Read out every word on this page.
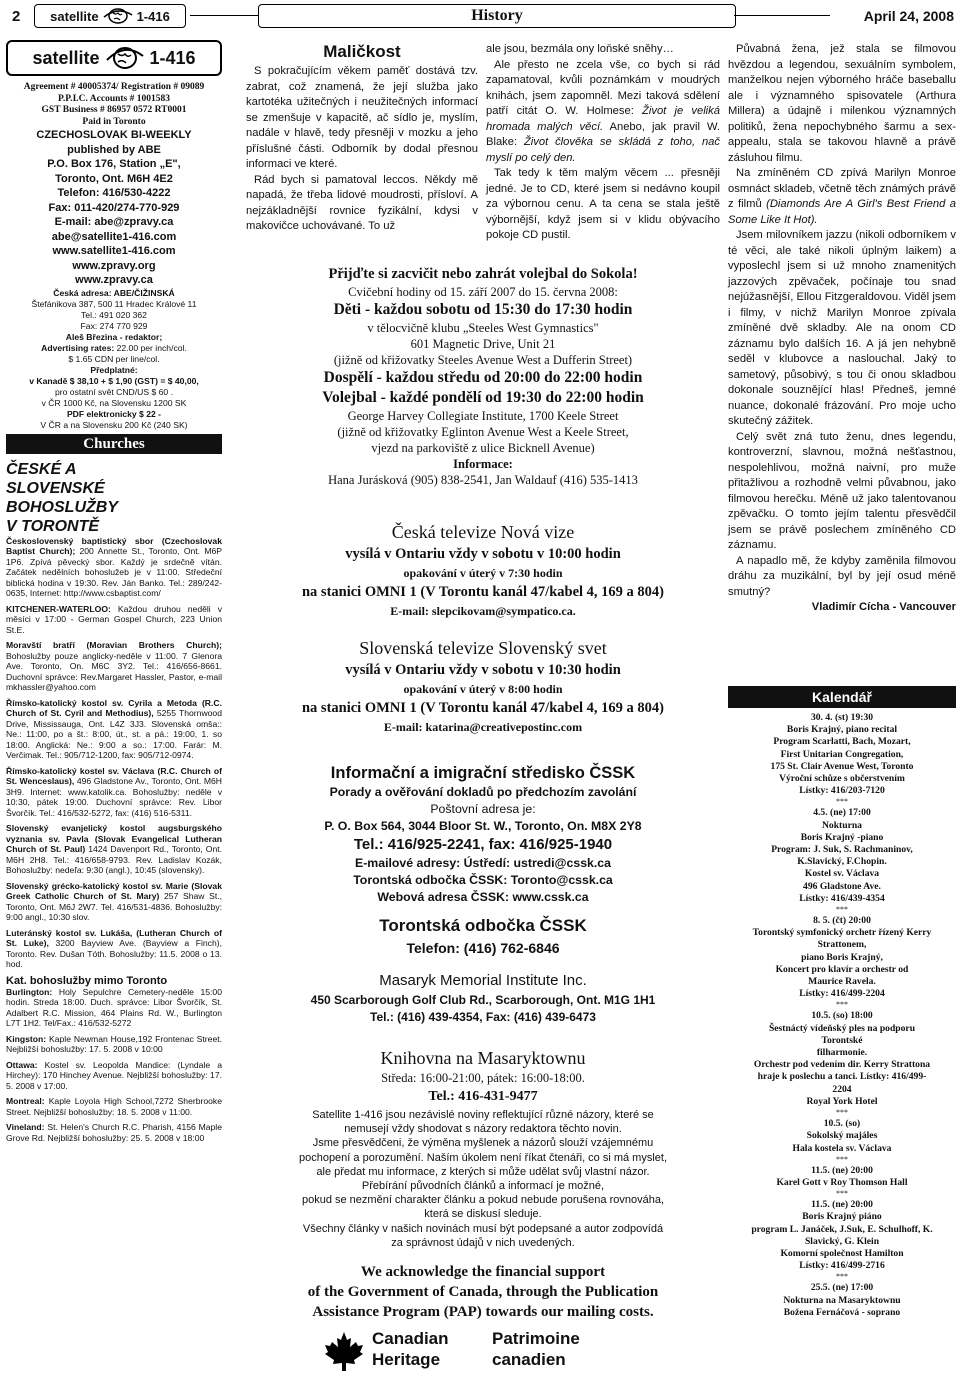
2 satellite	1-416	History	April 24, 2008
satellite	1-416
Agreement # 40005374/ Registration # 09089
P.P.I.C. Accounts # 1001583
GST Business # 86957 0572 RT0001
Paid in Toronto
CZECHOSLOVAK BI-WEEKLY
published by ABE
P.O. Box 176, Station „E",
Toronto, Ont. M6H 4E2
Telefon: 416/530-4222
Fax: 011-420/274-770-929
E-mail: abe@zpravy.ca
abe@satellite1-416.com
www.satellite1-416.com
www.zpravy.org
www.zpravy.ca
Česká adresa: ABE/ČIŽINSKÁ
Štefánikova 387, 500 11 Hradec Králové 11
Tel.: 491 020 362
Fax: 274 770 929
Aleš Březina - redaktor;
Advertising rates: 22.00 per inch/col.
$ 1.65 CDN per line/col.
Předplatné:
v Kanadě $ 38,10 + $ 1,90 (GST) = $ 40,00,
pro ostatní svět CND/US $ 60 .
v ČR 1000 Kč, na Slovensku 1200 SK
PDF elektronicky $ 22 -
V ČR a na Slovensku 200 Kč (240 SK)
Churches
ČESKÉ A
SLOVENSKÉ
BOHOSLUŽBY
V TORONTĚ

Československý baptistický sbor (Czechoslovak Baptist Church); 200 Annette St., Toronto, Ont. M6P 1P6. Zpívá pěvecký sbor. Každý je srdečně vítán. Začátek nedělních bohoslužeb je v 11:00. Středeční biblická hodina v 19:30. Rev. Ján Banko. Tel.: 289/242-0635, Internet: http://www.csbaptist.com/

KITCHENER-WATERLOO: Každou druhou neděli v měsíci v 17:00 - German Gospel Church, 223 Union St.E.

Moravští bratří (Moravian Brothers Church); Bohoslužby pouze anglicky-neděle v 11:00. 7 Glenora Ave. Toronto, On. M6C 3Y2. Tel.: 416/656-8661. Duchovní správce: Rev.Margaret Hassler, Pastor, e-mail mkhassler@yahoo.com

Římsko-katolický kostol sv. Cyrila a Metoda (R.C. Church of St. Cyril and Methodius), 5255 Thornwood Drive, Mississauga, Ont. L4Z 3J3. Slovenská omša:: Ne.: 11:00, po a št.: 8:00, út., st. a pá.: 19:00, 1. so 18:00. Anglická: Ne.: 9:00 a so.: 17:00. Farár: M. Verčimak. Tel.: 905/712-1200, fax: 905/712-0974.

Římsko-katolický kostel sv. Václava (R.C. Church of St. Wenceslaus), 496 Gladstone Av., Toronto, Ont. M6H 3H9. Internet: www.katolik.ca. Bohoslužby: neděle v 10:30, pátek 19:00. Duchovní správce: Rev. Libor Švorčík. Tel.: 416/532-5272, fax: (416) 516-5311.

Slovenský evanjelický kostol augsburgského vyznania sv. Pavla (Slovak Evangelical Lutheran Church of St. Paul) 1424 Davenport Rd., Toronto, Ont. M6H 2H8. Tel.: 416/658-9793. Rev. Ladislav Kozák, Bohoslužby: nedeľa: 9:30 (angl.), 10:45 (slovensky).

Slovenský grécko-katolický kostol sv. Marie (Slovak Greek Catholic Church of St. Mary) 257 Shaw St., Toronto, Ont. M6J 2W7. Tel. 416/531-4836. Bohoslužby: 9:00 angl., 10:30 slov.

Luteránský kostol sv. Lukáša, (Lutheran Church of St. Luke), 3200 Bayview Ave. (Bayview a Finch), Toronto. Rev. Dušan Tóth. Bohoslužby: 11.5. 2008 o 13. hod.

Kat. bohoslužby mimo Toronto

Burlington: Holy Sepulchre Cemetery-neděle 15:00 hodin. Streda 18:00. Duch. správce: Libor Švorčík, St. Adalbert R.C. Mission, 464 Plains Rd. W., Burlington L7T 1H2. Tel/Fax.: 416/532-5272

Kingston: Kaple Newman House,192 Frontenac Street. Nejbližší bohoslužby: 17. 5. 2008 v 10:00

Ottawa: Kostel sv. Leopolda Mandice: (Lyndale a Hirchey): 170 Hinchey Avenue. Nejbližší bohoslužby: 17. 5. 2008 v 17:00.

Montreal: Kaple Loyola High School,7272 Sherbrooke Street. Nejbližší bohoslužby: 18. 5. 2008 v 11:00.

Vineland: St. Helen's Church R.C. Pharish, 4156 Maple Grove Rd. Nejbližší bohoslužby: 25. 5. 2008 v 18:00

Maličkost

S pokračujícím věkem paměť dostává tzv. zabrat, což znamená, že její služba jako kartotéka užitečných i neužitečných informací se zmenšuje v kapacitě, ač sídlo je, myslím, nadále v hlavě, tedy přesněji v mozku a jeho příslušné části. Odborník by dodal přesnou informaci ve které.

Rád bych si pamatoval leccos. Někdy mě napadá, že třeba lidové moudrosti, přísloví. A nejzákladnější rovnice fyzikální, kdysi v makovičce uchovávané. To už

ale jsou, bezmála ony loňské sněhy…

Ale přesto ne zcela vše, co bych si rád zapamatoval, kvůli poznámkám v moudrých knihách, jsem zapomněl. Mezi taková sdělení patří citát O. W. Holmese: Život je veliká hromada malých věcí. Anebo, jak pravil W. Blake: Život člověka se skládá z toho, nač myslí po celý den.

Tak tedy k těm malým věcem ... přesněji jedné. Je to CD, které jsem si nedávno koupil za výbornou cenu. A ta cena se stala ještě výbornější, když jsem si v klidu obývacího pokoje CD pustil.

Přijďte si zacvičit nebo zahrát volejbal do Sokola!
Cvičební hodiny od 15. září 2007 do 15. června 2008:
Děti - každou sobotu od 15:30 do 17:30 hodin
v tělocvičně klubu „Steeles West Gymnastics"
601 Magnetic Drive, Unit 21
(jižně od křižovatky Steeles Avenue West a Dufferin Street)
Dospělí - každou středu od 20:00 do 22:00 hodin
Volejbal - každé pondělí od 19:30 do 22:00 hodin
George Harvey Collegiate Institute, 1700 Keele Street
(jižně od křižovatky Eglinton Avenue West a Keele Street,
vjezd na parkoviště z ulice Bicknell Avenue)
Informace:
Hana Jurásková (905) 838-2541, Jan Waldauf (416) 535-1413
Česká televize Nová vize
vysílá v Ontariu vždy v sobotu v 10:00 hodin
opakování v úterý v 7:30 hodin
na stanici OMNI 1 (V Torontu kanál 47/kabel 4, 169 a 804)
E-mail: slepcikovam@sympatico.ca.
Slovenská televize Slovenský svet
vysílá v Ontariu vždy v sobotu v 10:30 hodin
opakování v úterý v 8:00 hodin
na stanici OMNI 1 (V Torontu kanál 47/kabel 4, 169 a 804)
E-mail: katarina@creativepostinc.com
Informační a imigrační středisko ČSSK
Porady a ověřování dokladů po předchozím zavolání
Poštovní adresa je:
P. O. Box 564, 3044 Bloor St. W., Toronto, On. M8X 2Y8
Tel.: 416/925-2241, fax: 416/925-1940
E-mailové adresy: Ústředí: ustredi@cssk.ca
Torontská odbočka ČSSK: Toronto@cssk.ca
Webová adresa ČSSK: www.cssk.ca
Torontská odbočka ČSSK
Telefon: (416) 762-6846
Masaryk Memorial Institute Inc.
450 Scarborough Golf Club Rd., Scarborough, Ont. M1G 1H1
Tel.: (416) 439-4354, Fax: (416) 439-6473
Knihovna na Masaryktownu
Středa: 16:00-21:00, pátek: 16:00-18:00.
Tel.: 416-431-9477
Satellite 1-416 jsou nezávislé noviny reflektující různé názory, které se
nemusejí vždy shodovat s názory redaktora těchto novin.
Jsme přesvědčeni, že výměna myšlenek a názorů slouží vzájemnému
pochopení a porozumění. Naším úkolem není říkat čtenáři, co si má myslet,
ale předat mu informace, z kterých si může udělat svůj vlastní názor.
Přebírání původních článků a informací je možné,
pokud se nezmění charakter článku a pokud nebude porušena rovnováha,
která se diskusí sleduje.
Všechny články v našich novinách musí být podepsané a autor zodpovídá
za správnost údajů v nich uvedených.
We acknowledge the financial support
of the Government of Canada, through the Publication
Assistance Program (PAP) towards our mailing costs.
Canadian
Heritage
Patrimoine
canadien

Půvabná žena, jež stala se filmovou hvězdou a legendou, sexuálním symbolem, manželkou nejen výborného hráče baseballu ale i významného spisovatele (Arthura Millera) a údajně i milenkou významných politiků, žena nepochybného šarmu a sex-appealu, stala se takovou hlavně a právě zásluhou filmu.

Na zmíněném CD zpívá Marilyn Monroe osmnáct skladeb, včetně těch známých právě z filmů (Diamonds Are A Girl's Best Friend a Some Like It Hot).

Jsem milovníkem jazzu (nikoli odborníkem v té věci, ale také nikoli úplným laikem) a vyposlechl jsem si už mnoho znamenitých jazzových zpěvaček, počínaje tou snad nejúžasnější, Ellou Fitzgeraldovou. Viděl jsem i filmy, v nichž Marilyn Monroe zpívala zmíněné dvě skladby. Ale na onom CD záznamu bylo dalších 16. A já jen nehybně seděl v klubovce a naslouchal. Jaký to sametový, působivý, s tou či onou skladbou dokonale souznějící hlas! Předneš, jemné nuance, dokonalé frázování. Pro moje ucho skutečný zážitek.

Celý svět zná tuto ženu, dnes legendu, kontroverzní, slavnou, možná nešťastnou, nespolehlivou, možná naivní, pro muže přitažlivou a rozhodně velmi půvabnou, jako filmovou herečku. Méně už jako talentovanou zpěvačku. O tomto jejím talentu přesvědčil jsem se právě poslechem zmíněného CD záznamu.

A napadlo mě, že kdyby zaměnila filmovou dráhu za muzikální, byl by její osud méně smutný?

Vladimír Cícha - Vancouver

Kalendář
30. 4. (st) 19:30
Boris Krajný, piano recital
Program Scarlatti, Bach, Mozart,
First Unitarian Congregation,
175 St. Clair Avenue West, Toronto
Výroční schůze s občerstvením
Lístky: 416/203-7120
***
4.5. (ne) 17:00
Nokturna
Boris Krajný -piano
Program: J. Suk, S. Rachmaninov,
K.Slavický, F.Chopin.
Kostel sv. Václava
496 Gladstone Ave.
Lístky: 416/439-4354
***
8. 5. (čt) 20:00
Torontský symfonický orchetr řízený Kerry
Strattonem,
piano Boris Krajný,
Koncert pro klavír a orchestr od
Maurice Ravela.
Lístky: 416/499-2204
***
10.5. (so) 18:00
Šestnáctý vídeňský ples na podporu
Torontské
filharmonie.
Orchestr pod vedením dir. Kerry Strattona
hraje k poslechu a tanci. Lístky: 416/499-
2204
Royal York Hotel
***
10.5. (so)
Sokolský majáles
Hala kostela sv. Václava
***
11.5. (ne) 20:00
Karel Gott v Roy Thomson Hall
***
11.5. (ne) 20:00
Boris Krajný piáno
program L. Janáček, J.Suk, E. Schulhoff, K.
Slavický, G. Klein
Komorní společnost Hamilton
Lístky: 416/499-2716
***
25.5. (ne) 17:00
Nokturna na Masaryktownu
Božena Fernáčová - soprano
